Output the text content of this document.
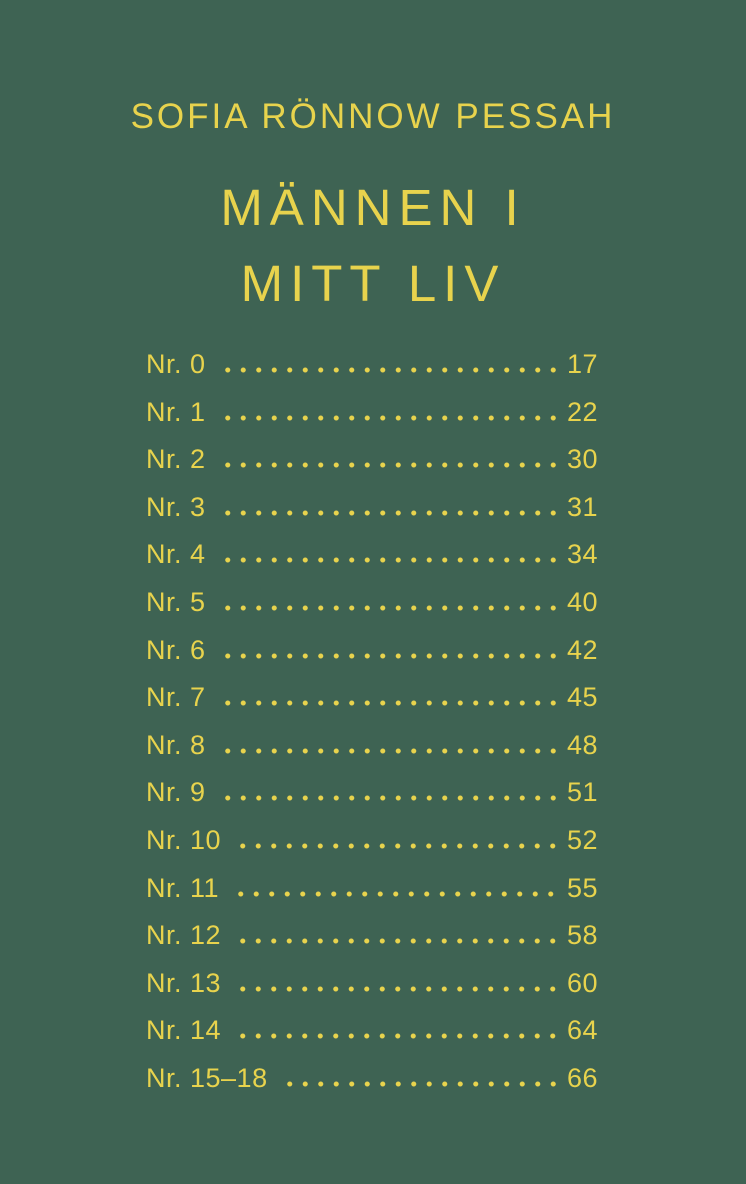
SOFIA RÖNNOW PESSAH
MÄNNEN I
MITT LIV
Nr. 0	17
Nr. 1	22
Nr. 2	30
Nr. 3	31
Nr. 4	34
Nr. 5	40
Nr. 6	42
Nr. 7	45
Nr. 8	48
Nr. 9	51
Nr. 10	52
Nr. 11	55
Nr. 12	58
Nr. 13	60
Nr. 14	64
Nr. 15–18	66
